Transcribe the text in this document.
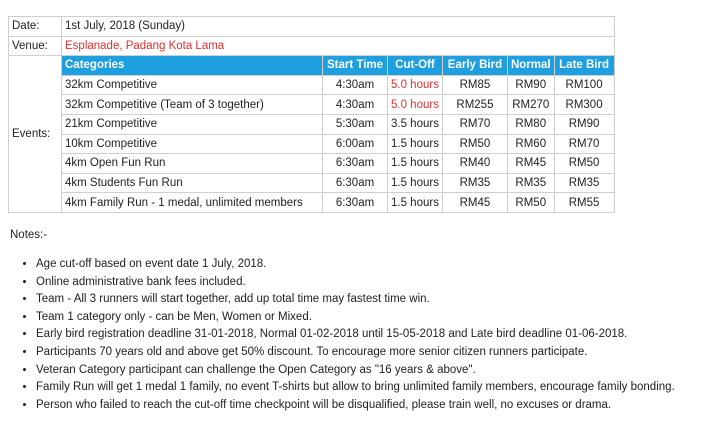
Date:	1st July, 2018 (Sunday)					
Venue:	Esplanade, Padang Kota Lama					
Events:	Categories	Start Time	Cut-Off	Early Bird	Normal	Late Bird
	32km Competitive	4:30am	5.0 hours	RM85	RM90	RM100
	32km Competitive (Team of 3 together)	4:30am	5.0 hours	RM255	RM270	RM300
	21km Competitive	5:30am	3.5 hours	RM70	RM80	RM90
	10km Competitive	6:00am	1.5 hours	RM50	RM60	RM70
	4km Open Fun Run	6:30am	1.5 hours	RM40	RM45	RM50
	4km Students Fun Run	6:30am	1.5 hours	RM35	RM35	RM35
	4km Family Run - 1 medal, unlimited members	6:30am	1.5 hours	RM45	RM50	RM55
Notes:-
• Age cut-off based on event date 1 July, 2018.
• Online administrative bank fees included.
• Team - All 3 runners will start together, add up total time may fastest time win.
• Team 1 category only - can be Men, Women or Mixed.
• Early bird registration deadline 31-01-2018, Normal 01-02-2018 until 15-05-2018 and Late bird deadline 01-06-2018.
• Participants 70 years old and above get 50% discount. To encourage more senior citizen runners participate.
• Veteran Category participant can challenge the Open Category as "16 years & above".
• Family Run will get 1 medal 1 family, no event T-shirts but allow to bring unlimited family members, encourage family bonding.
• Person who failed to reach the cut-off time checkpoint will be disqualified, please train well, no excuses or drama.
